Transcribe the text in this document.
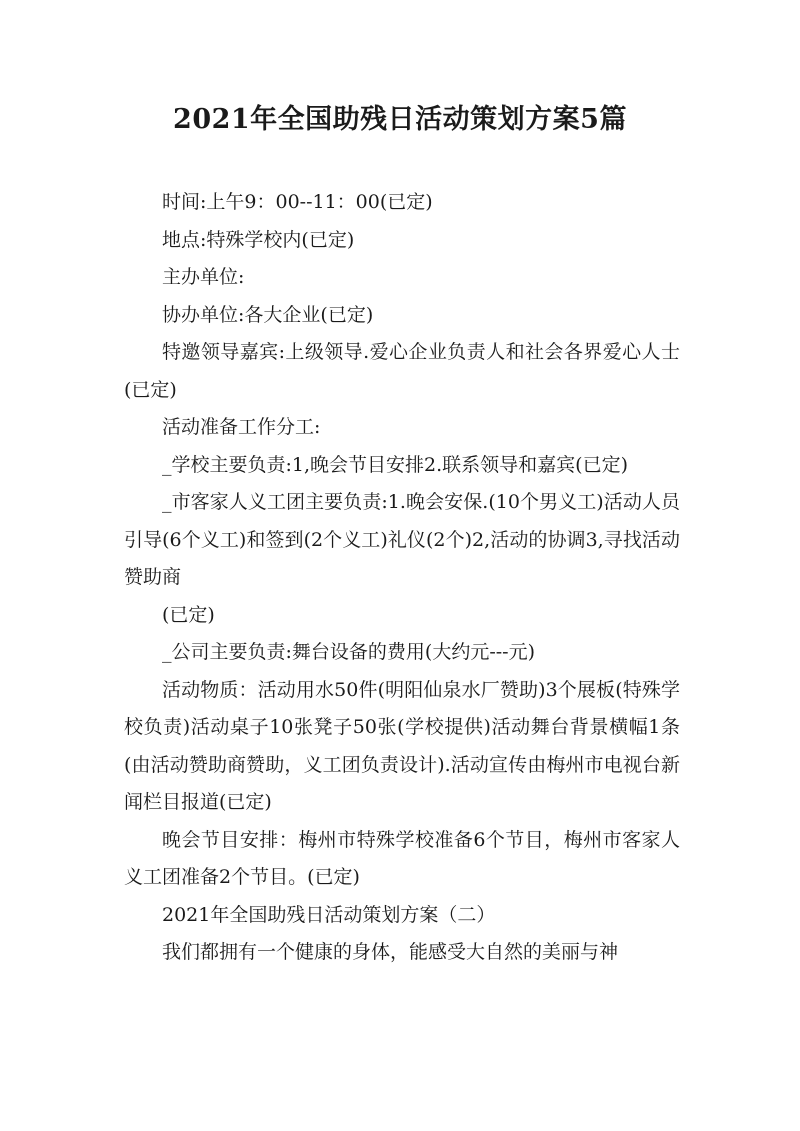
2021年全国助残日活动策划方案5篇

时间:上午9：00--11：00(已定)

地点:特殊学校内(已定)

主办单位:

协办单位:各大企业(已定)

特邀领导嘉宾:上级领导.爱心企业负责人和社会各界爱心人士(已定)

活动准备工作分工:

_学校主要负责:1,晚会节目安排2.联系领导和嘉宾(已定)

_市客家人义工团主要负责:1.晚会安保.(10个男义工)活动人员引导(6个义工)和签到(2个义工)礼仪(2个)2,活动的协调3,寻找活动赞助商

(已定)

_公司主要负责:舞台设备的费用(大约元---元)

活动物质：活动用水50件(明阳仙泉水厂赞助)3个展板(特殊学校负责)活动桌子10张凳子50张(学校提供)活动舞台背景横幅1条(由活动赞助商赞助，义工团负责设计).活动宣传由梅州市电视台新闻栏目报道(已定)

晚会节目安排：梅州市特殊学校准备6个节目，梅州市客家人义工团准备2个节目。(已定)

2021年全国助残日活动策划方案（二）

我们都拥有一个健康的身体，能感受大自然的美丽与神
